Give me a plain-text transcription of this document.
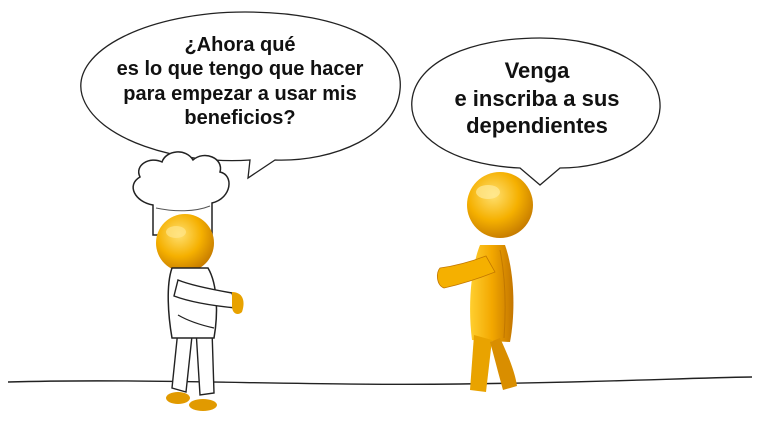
¿Ahora qué
es lo que tengo que hacer
para empezar a usar mis
beneficios?
Venga
e inscriba a sus
dependientes
